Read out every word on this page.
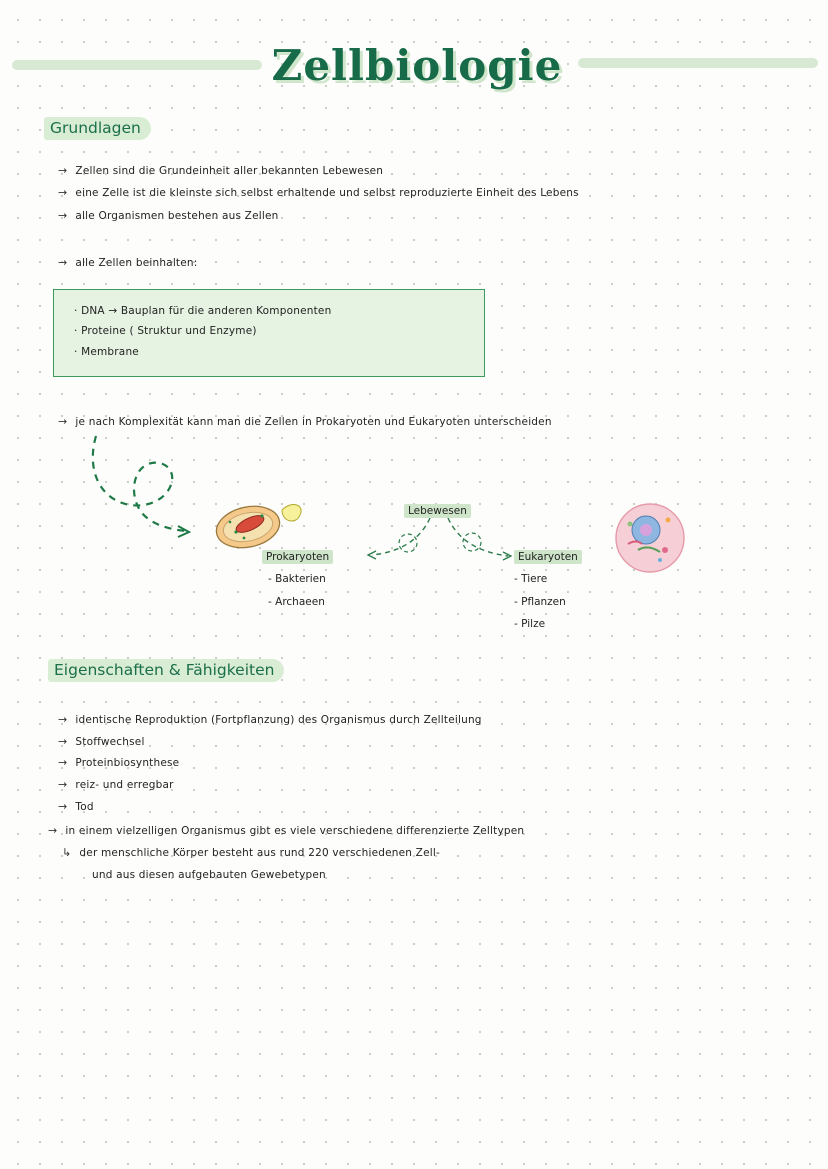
Zellbiologie
Grundlagen
→ Zellen sind die Grundeinheit aller bekannten Lebewesen
→ eine Zelle ist die kleinste sich selbst erhaltende und selbst reproduzierte Einheit des Lebens
→ alle Organismen bestehen aus Zellen
→ alle Zellen beinhalten:
· DNA → Bauplan für die anderen Komponenten
· Proteine ( Struktur und Enzyme)
· Membrane
→ je nach Komplexität kann man die Zellen in Prokaryoten und Eukaryoten unterscheiden
Lebewesen
Prokaryoten
- Bakterien
- Archaeen
Eukaryoten
- Tiere
- Pflanzen
- Pilze
Eigenschaften & Fähigkeiten
→ identische Reproduktion (Fortpflanzung) des Organismus durch Zellteilung
→ Stoffwechsel
→ Proteinbiosynthese
→ reiz- und erregbar
→ Tod
→ in einem vielzelligen Organismus gibt es viele verschiedene differenzierte Zelltypen
↳ der menschliche Körper besteht aus rund 220 verschiedenen Zell-
und aus diesen aufgebauten Gewebetypen
